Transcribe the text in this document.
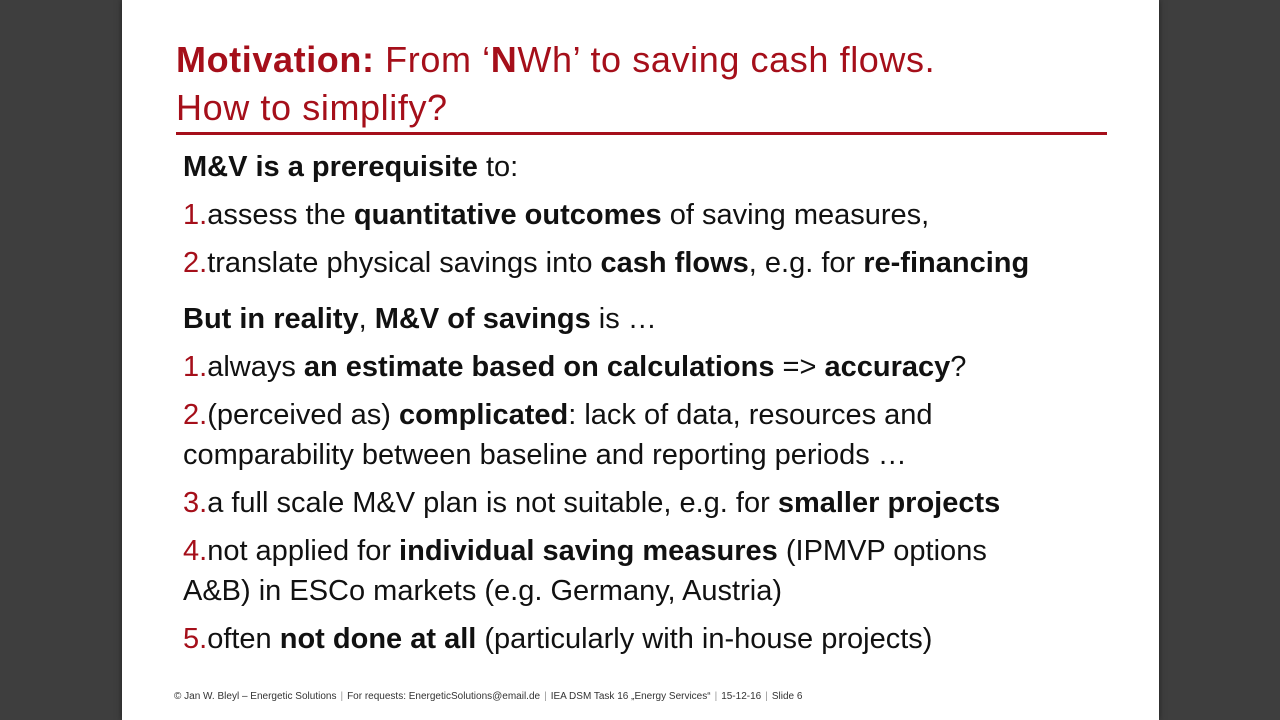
Motivation: From ‘NWh’ to saving cash flows.
How to simplify?

M&V is a prerequisite to:

1.assess the quantitative outcomes of saving measures,

2.translate physical savings into cash flows, e.g. for re-financing

But in reality, M&V of savings is …

1.always an estimate based on calculations => accuracy?

2.(perceived as) complicated: lack of data, resources and

comparability between baseline and reporting periods …

3.a full scale M&V plan is not suitable, e.g. for smaller projects

4.not applied for individual saving measures (IPMVP options

A&B) in ESCo markets (e.g. Germany, Austria)

5.often not done at all (particularly with in-house projects)

© Jan W. Bleyl – Energetic Solutions | For requests: EnergeticSolutions@email.de | IEA DSM Task 16 „Energy Services“ | 15-12-16 | Slide 6
